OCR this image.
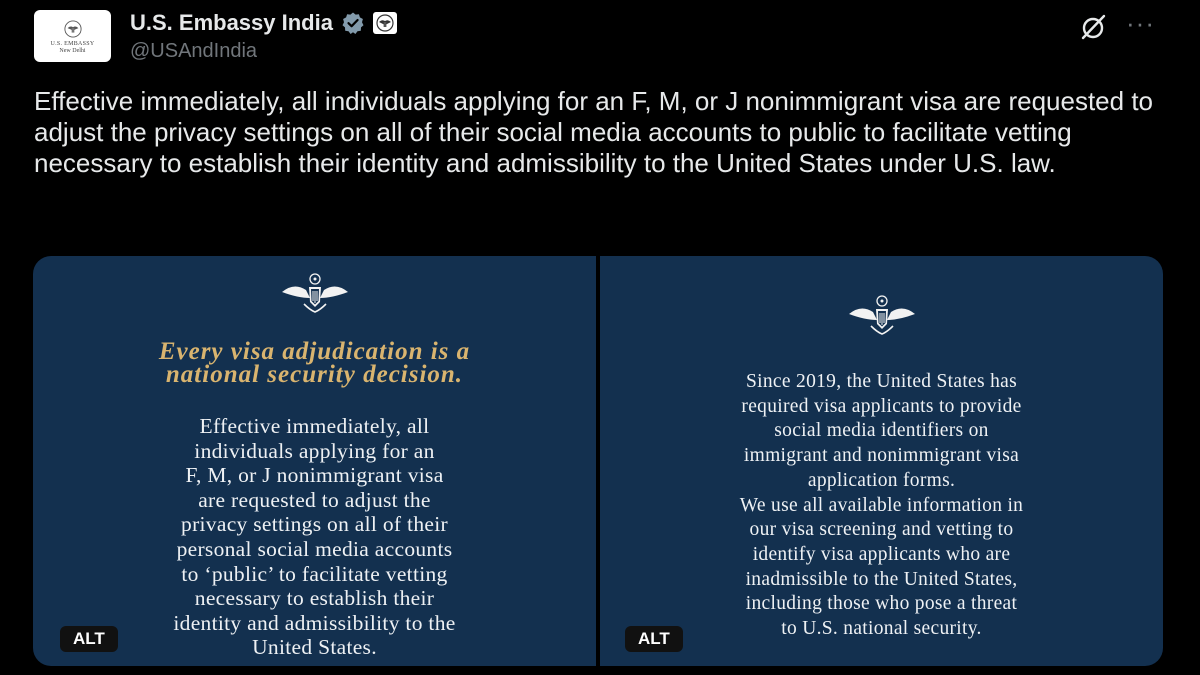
U.S. EMBASSY
New Delhi
U.S. Embassy India
@USAndIndia
···

Effective immediately, all individuals applying for an F, M, or J nonimmigrant visa are requested to adjust the privacy settings on all of their social media accounts to public to facilitate vetting necessary to establish their identity and admissibility to the United States under U.S. law.

Every visa adjudication is a
national security decision.
Effective immediately, all
individuals applying for an
F, M, or J nonimmigrant visa
are requested to adjust the
privacy settings on all of their
personal social media accounts
to ‘public’ to facilitate vetting
necessary to establish their
identity and admissibility to the
United States.
ALT
Since 2019, the United States has
required visa applicants to provide
social media identifiers on
immigrant and nonimmigrant visa
application forms.
We use all available information in
our visa screening and vetting to
identify visa applicants who are
inadmissible to the United States,
including those who pose a threat
to U.S. national security.
ALT
